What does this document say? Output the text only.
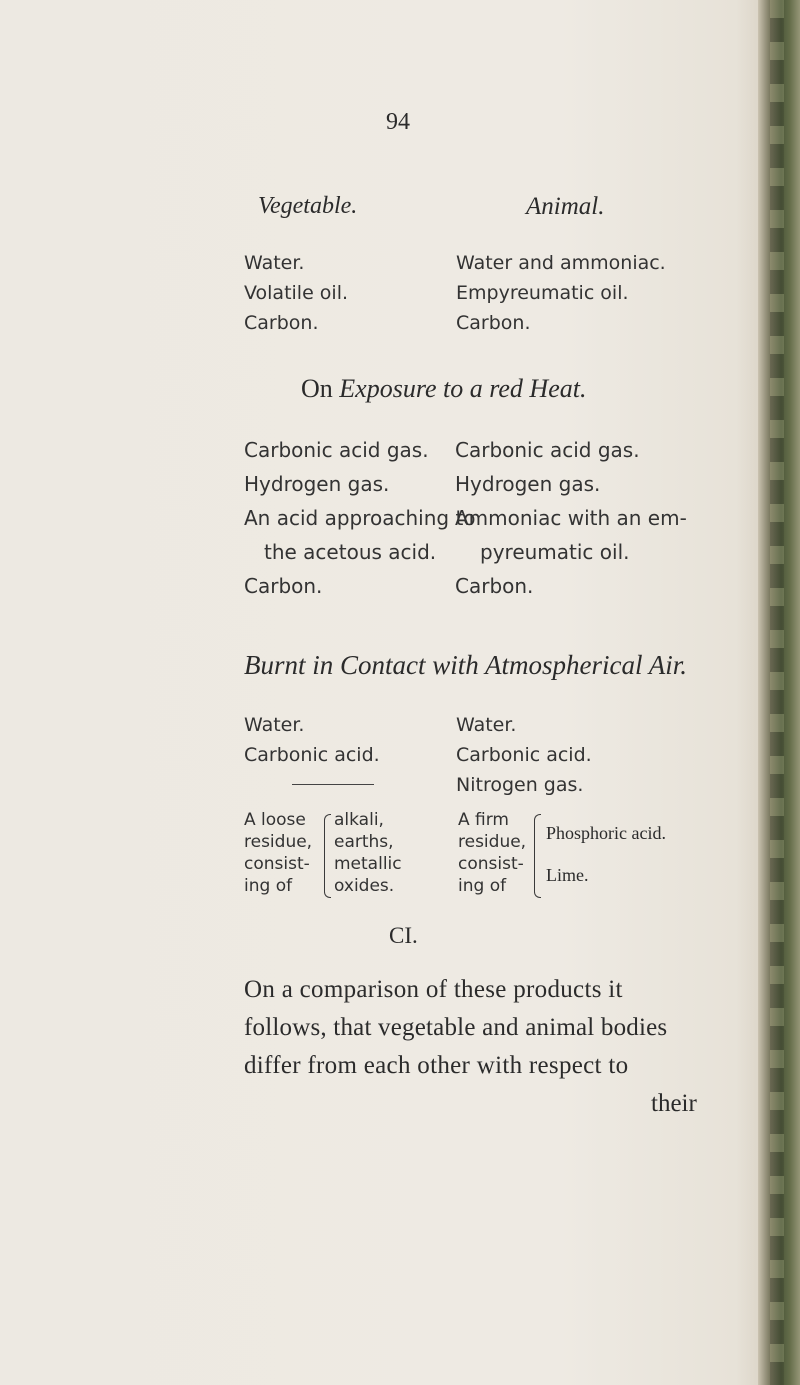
94
Vegetable.	Animal.
Water.
Volatile oil.
Carbon.
Water and ammoniac.
Empyreumatic oil.
Carbon.
On Exposure to a red Heat.
Carbonic acid gas.
Hydrogen gas.
An acid approaching to
the acetous acid.
Carbon.
Carbonic acid gas.
Hydrogen gas.
Ammoniac with an em-
pyreumatic oil.
Carbon.
Burnt in Contact with Atmospherical Air.
Water.
Carbonic acid.
Water.
Carbonic acid.
Nitrogen gas.
A loose
residue,
consist-
ing of
alkali,
earths,
metallic
oxides.
A firm
residue,
consist-
ing of
Phosphoric acid.
Lime.
CI.
On a comparison of these products it
follows, that vegetable and animal bodies
differ from each other with respect to
their
